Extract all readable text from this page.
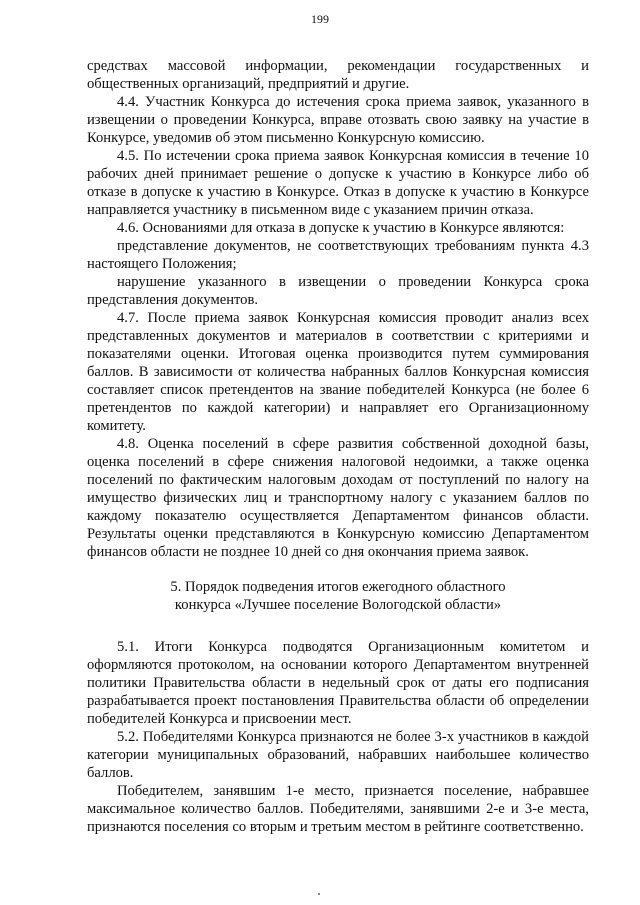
199

средствах массовой информации, рекомендации государственных и общественных организаций, предприятий и другие.

4.4. Участник Конкурса до истечения срока приема заявок, указанного в извещении о проведении Конкурса, вправе отозвать свою заявку на участие в Конкурсе, уведомив об этом письменно Конкурсную комиссию.

4.5. По истечении срока приема заявок Конкурсная комиссия в течение 10 рабочих дней принимает решение о допуске к участию в Конкурсе либо об отказе в допуске к участию в Конкурсе. Отказ в допуске к участию в Конкурсе направляется участнику в письменном виде с указанием причин отказа.

4.6. Основаниями для отказа в допуске к участию в Конкурсе являются:

представление документов, не соответствующих требованиям пункта 4.3 настоящего Положения;

нарушение указанного в извещении о проведении Конкурса срока представления документов.

4.7. После приема заявок Конкурсная комиссия проводит анализ всех представленных документов и материалов в соответствии с критериями и показателями оценки. Итоговая оценка производится путем суммирования баллов. В зависимости от количества набранных баллов Конкурсная комиссия составляет список претендентов на звание победителей Конкурса (не более 6 претендентов по каждой категории) и направляет его Организационному комитету.

4.8. Оценка поселений в сфере развития собственной доходной базы, оценка поселений в сфере снижения налоговой недоимки, а также оценка поселений по фактическим налоговым доходам от поступлений по налогу на имущество физических лиц и транспортному налогу с указанием баллов по каждому показателю осуществляется Департаментом финансов области. Результаты оценки представляются в Конкурсную комиссию Департаментом финансов области не позднее 10 дней со дня окончания приема заявок.

5. Порядок подведения итогов ежегодного областного
конкурса «Лучшее поселение Вологодской области»

5.1. Итоги Конкурса подводятся Организационным комитетом и оформляются протоколом, на основании которого Департаментом внутренней политики Правительства области в недельный срок от даты его подписания разрабатывается проект постановления Правительства области об определении победителей Конкурса и присвоении мест.

5.2. Победителями Конкурса признаются не более 3-х участников в каждой категории муниципальных образований, набравших наибольшее количество баллов.

Победителем, занявшим 1-е место, признается поселение, набравшее максимальное количество баллов. Победителями, занявшими 2-е и 3-е места, признаются поселения со вторым и третьим местом в рейтинге соответственно.
